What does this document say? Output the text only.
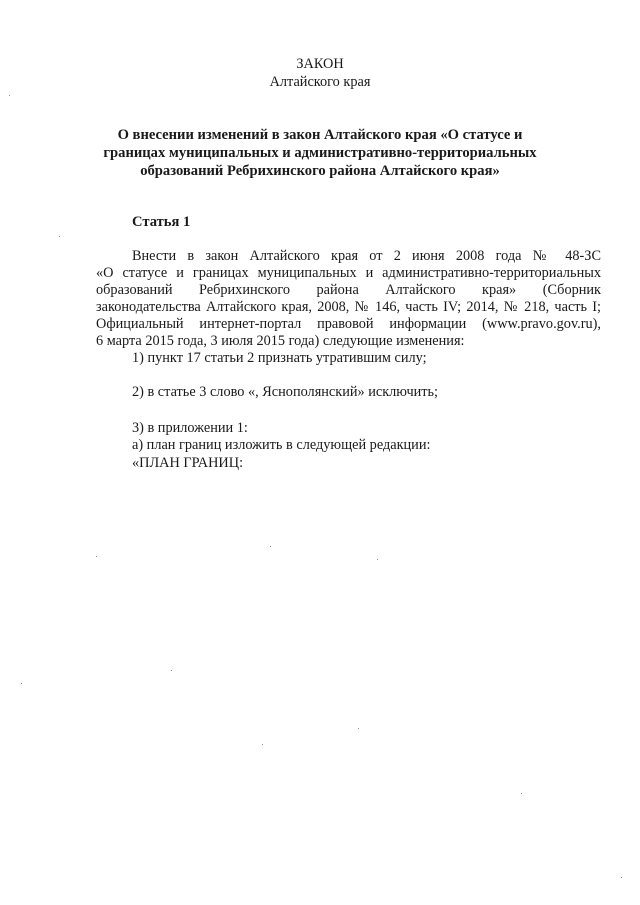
ЗАКОН
Алтайского края
О внесении изменений в закон Алтайского края «О статусе и
границах муниципальных и административно-территориальных
образований Ребрихинского района Алтайского края»
Статья 1
Внести в закон Алтайского края от 2 июня 2008 года № 48-ЗС
«О статусе и границах муниципальных и административно-территориальных
образований Ребрихинского района Алтайского края» (Сборник
законодательства Алтайского края, 2008, № 146, часть IV; 2014, № 218, часть I;
Официальный интернет-портал правовой информации (www.pravo.gov.ru),
6 марта 2015 года, 3 июля 2015 года) следующие изменения:
1) пункт 17 статьи 2 признать утратившим силу;
2) в статье 3 слово «, Яснополянский» исключить;
3) в приложении 1:
а) план границ изложить в следующей редакции:
«ПЛАН ГРАНИЦ:
